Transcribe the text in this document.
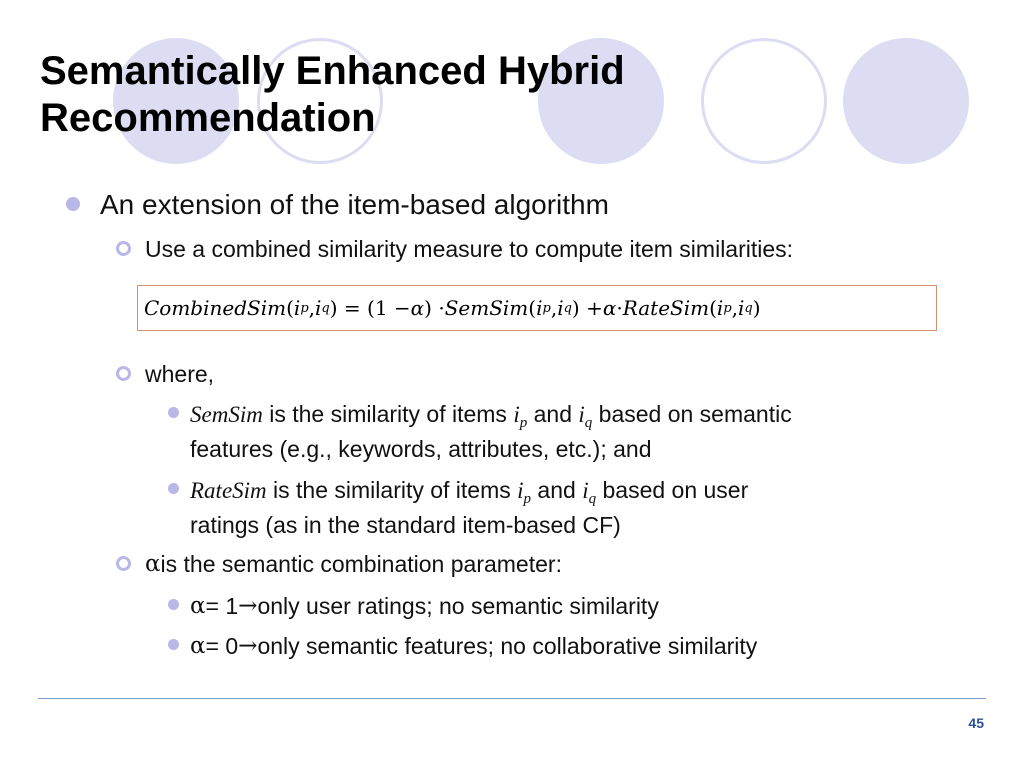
Semantically Enhanced Hybrid
Recommendation
An extension of the item-based algorithm
Use a combined similarity measure to compute item similarities:
CombinedSim ( i p , i q ) = (1 − α ) · SemSim ( i p , i q ) + α · RateSim ( i p , i q )
where,
SemSim is the similarity of items $i_p$ and $i_q$ based on semantic
features (e.g., keywords, attributes, etc.); and
RateSim is the similarity of items $i_p$ and $i_q$ based on user
ratings (as in the standard item-based CF)
α is the semantic combination parameter:
α = 1 → only user ratings; no semantic similarity
α = 0 → only semantic features; no collaborative similarity
45
